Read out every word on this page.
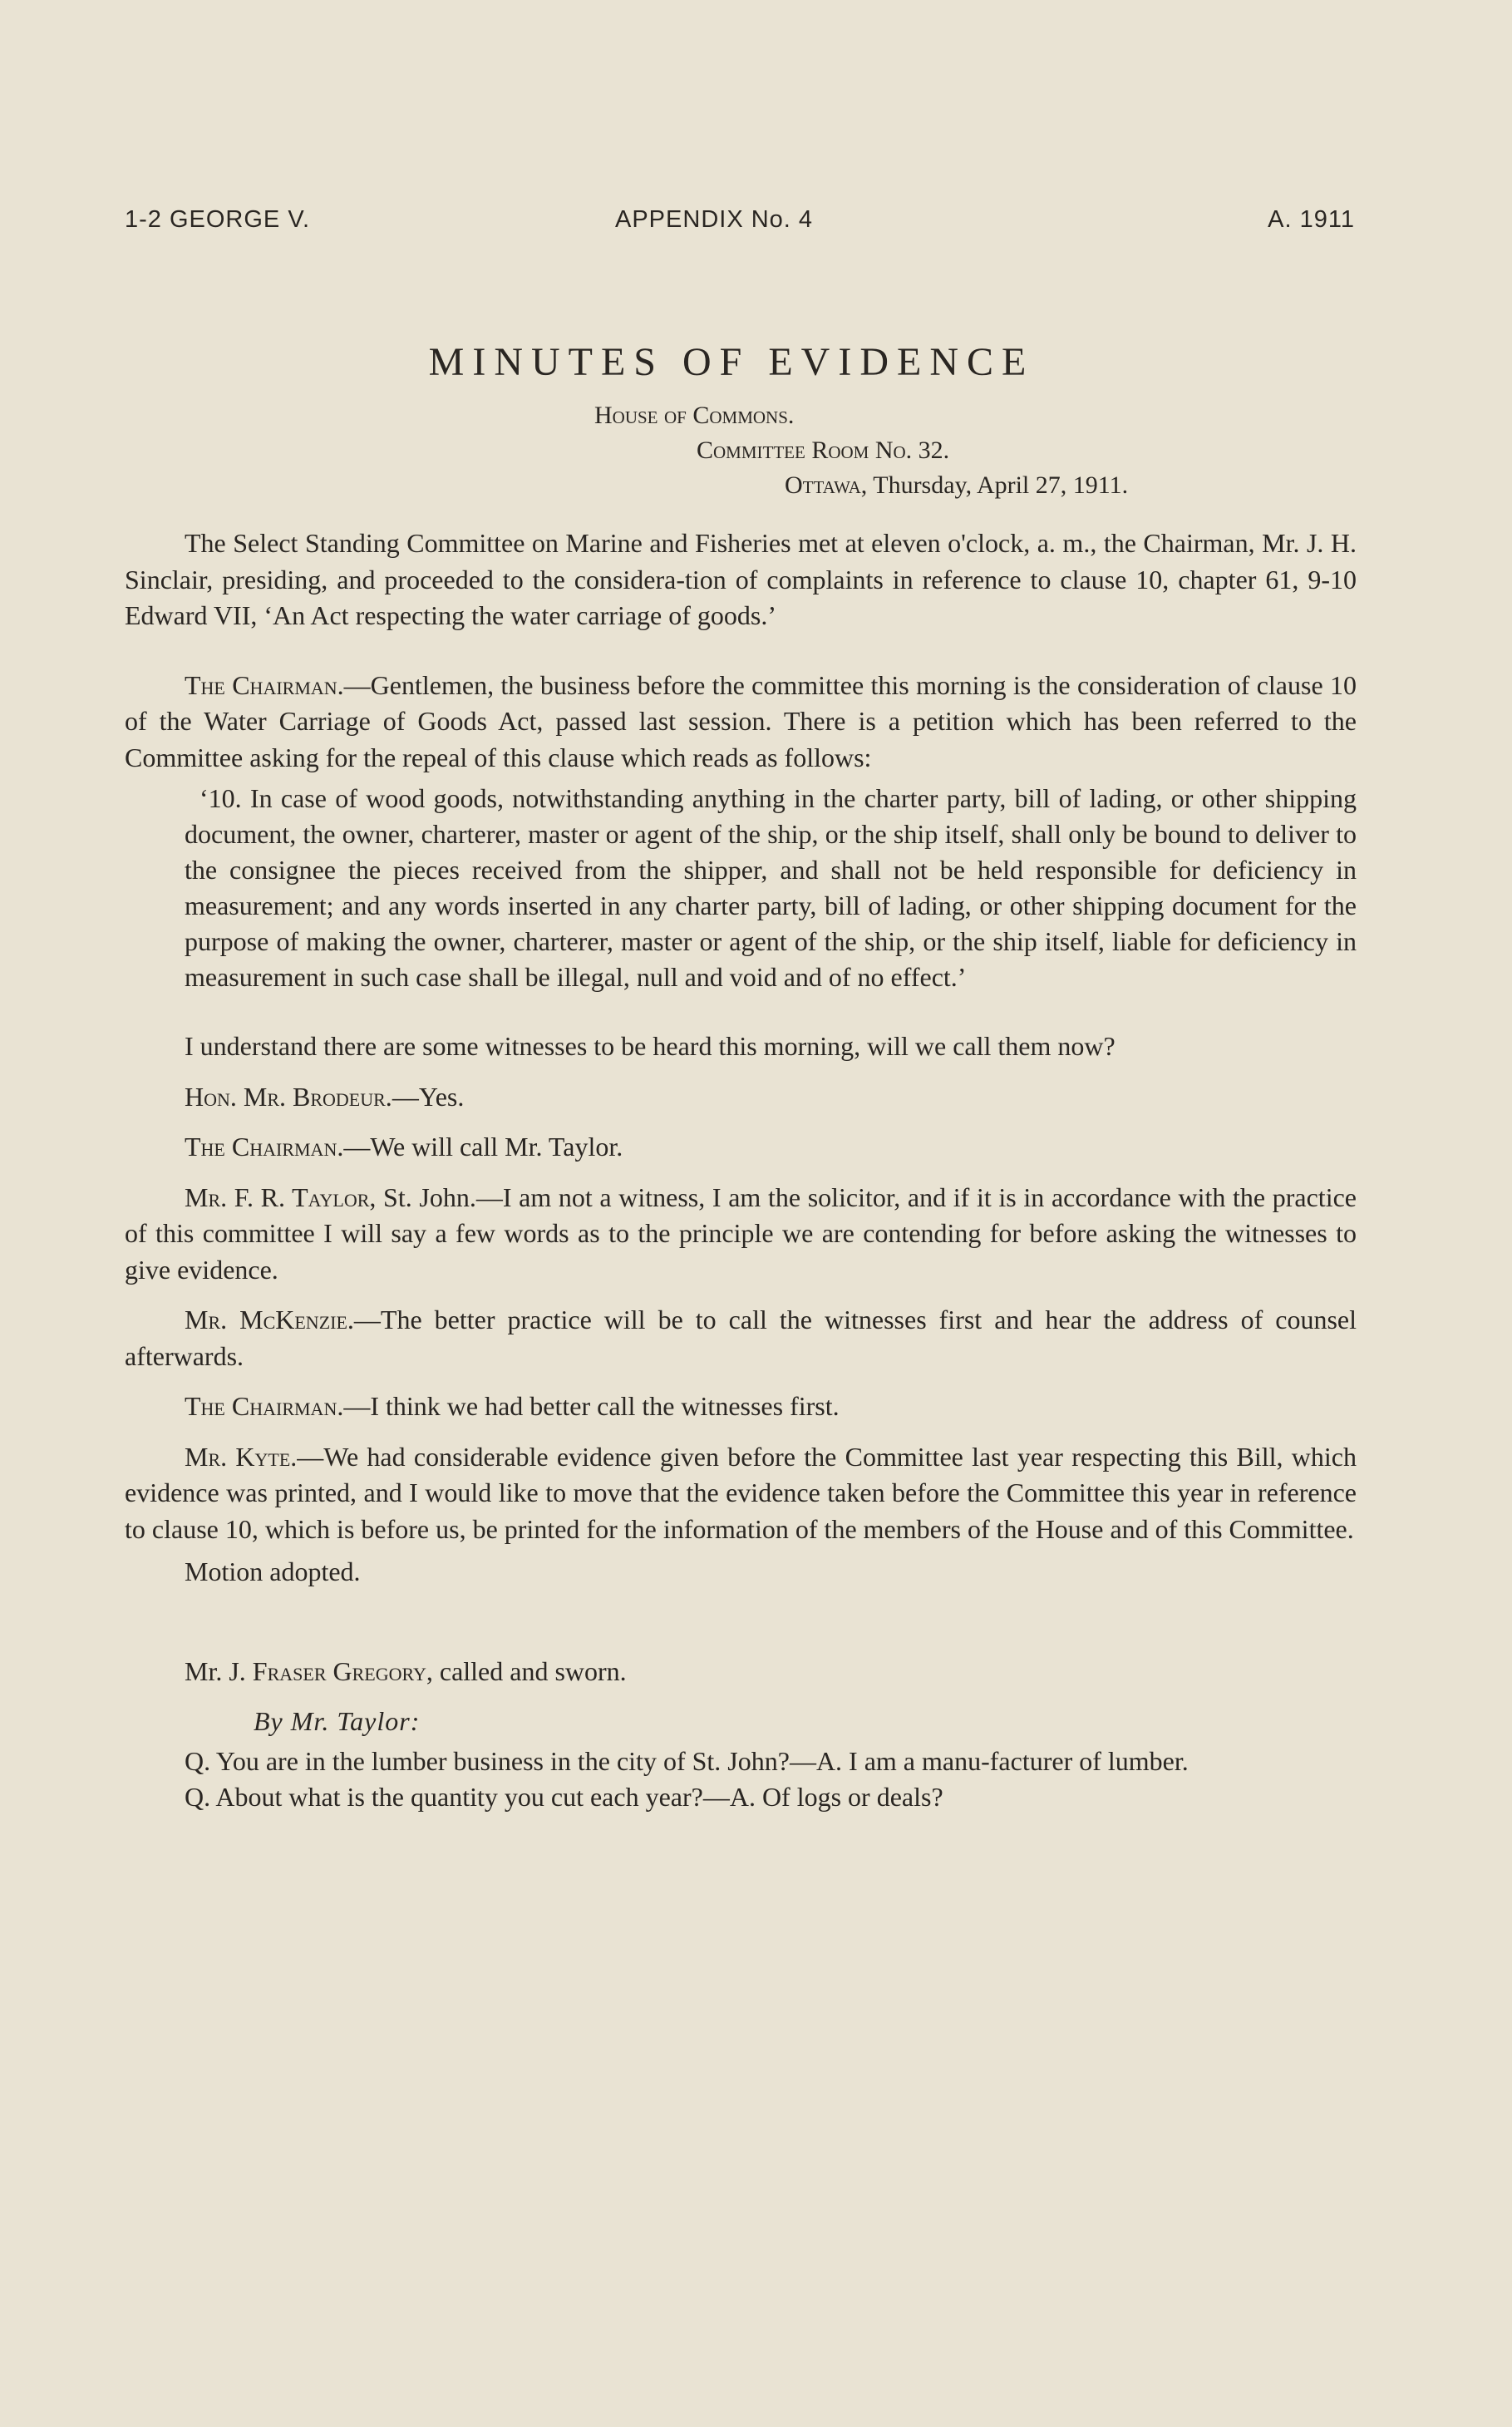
1-2 GEORGE V.	APPENDIX No. 4	A. 1911
MINUTES OF EVIDENCE
House of Commons.
Committee Room No. 32.
Ottawa, Thursday, April 27, 1911.

The Select Standing Committee on Marine and Fisheries met at eleven o'clock, a. m., the Chairman, Mr. J. H. Sinclair, presiding, and proceeded to the considera-tion of complaints in reference to clause 10, chapter 61, 9-10 Edward VII, ‘An Act respecting the water carriage of goods.’

The Chairman.—Gentlemen, the business before the committee this morning is the consideration of clause 10 of the Water Carriage of Goods Act, passed last session. There is a petition which has been referred to the Committee asking for the repeal of this clause which reads as follows:

‘10. In case of wood goods, notwithstanding anything in the charter party, bill of lading, or other shipping document, the owner, charterer, master or agent of the ship, or the ship itself, shall only be bound to deliver to the consignee the pieces received from the shipper, and shall not be held responsible for deficiency in measurement; and any words inserted in any charter party, bill of lading, or other shipping document for the purpose of making the owner, charterer, master or agent of the ship, or the ship itself, liable for deficiency in measurement in such case shall be illegal, null and void and of no effect.’

I understand there are some witnesses to be heard this morning, will we call them now?

Hon. Mr. Brodeur.—Yes.

The Chairman.—We will call Mr. Taylor.

Mr. F. R. Taylor, St. John.—I am not a witness, I am the solicitor, and if it is in accordance with the practice of this committee I will say a few words as to the principle we are contending for before asking the witnesses to give evidence.

Mr. McKenzie.—The better practice will be to call the witnesses first and hear the address of counsel afterwards.

The Chairman.—I think we had better call the witnesses first.

Mr. Kyte.—We had considerable evidence given before the Committee last year respecting this Bill, which evidence was printed, and I would like to move that the evidence taken before the Committee this year in reference to clause 10, which is before us, be printed for the information of the members of the House and of this Committee.

Motion adopted.

Mr. J. Fraser Gregory, called and sworn.

By Mr. Taylor:

Q. You are in the lumber business in the city of St. John?—A. I am a manu-facturer of lumber.

Q. About what is the quantity you cut each year?—A. Of logs or deals?
